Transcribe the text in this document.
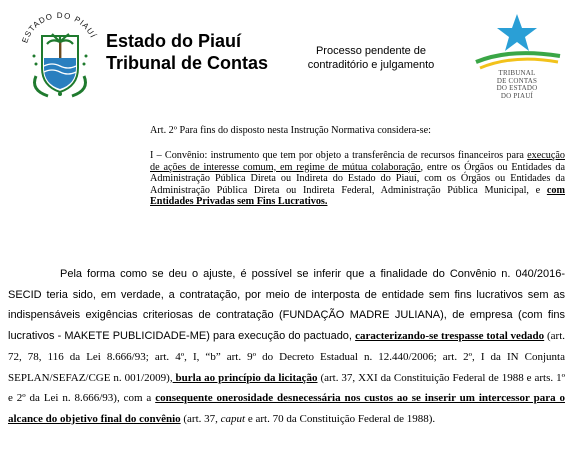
ESTADO DO PIAUÍ Estado do Piauí
Tribunal de Contas
Processo pendente de
contraditório e julgamento
TRIBUNAL
DE CONTAS
DO ESTADO
DO PIAUÍ
Art. 2º Para fins do disposto nesta Instrução Normativa considera-se:
I – Convênio: instrumento que tem por objeto a transferência de recursos financeiros para execução de ações de interesse comum, em regime de mútua colaboração, entre os Órgãos ou Entidades da Administração Pública Direta ou Indireta do Estado do Piauí, com os Órgãos ou Entidades da Administração Pública Direta ou Indireta Federal, Administração Pública Municipal, e com Entidades Privadas sem Fins Lucrativos.
Pela forma como se deu o ajuste, é possível se inferir que a finalidade do Convênio n. 040/2016-SECID teria sido, em verdade, a contratação, por meio de interposta de entidade sem fins lucrativos sem as indispensáveis exigências criteriosas de contratação (FUNDAÇÃO MADRE JULIANA), de empresa (com fins lucrativos - MAKETE PUBLICIDADE-ME) para execução do pactuado, caracterizando-se trespasse total vedado (art. 72, 78, 116 da Lei 8.666/93; art. 4º, I, “b” art. 9º do Decreto Estadual n. 12.440/2006; art. 2º, I da IN Conjunta SEPLAN/SEFAZ/CGE n. 001/2009), burla ao princípio da licitação (art. 37, XXI da Constituição Federal de 1988 e arts. 1º e 2º da Lei n. 8.666/93), com a consequente onerosidade desnecessária nos custos ao se inserir um intercessor para o alcance do objetivo final do convênio (art. 37, caput e art. 70 da Constituição Federal de 1988).
